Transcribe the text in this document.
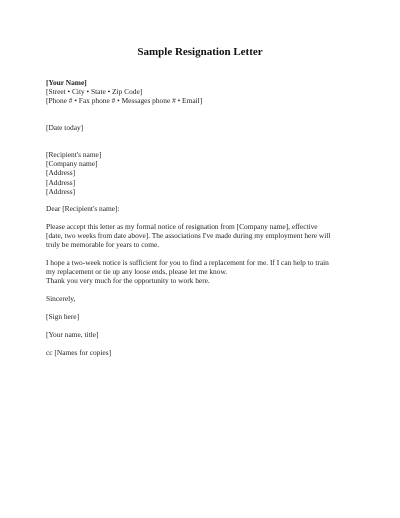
Sample Resignation Letter
[Your Name]
[Street • City • State • Zip Code]
[Phone # • Fax phone # • Messages phone # • Email]
[Date today]
[Recipient's name]
[Company name]
[Address]
[Address]
[Address]
Dear [Recipient's name]:
Please accept this letter as my formal notice of resignation from [Company name], effective
[date, two weeks from date above]. The associations I've made during my employment here will
truly be memorable for years to come.
I hope a two-week notice is sufficient for you to find a replacement for me. If I can help to train
my replacement or tie up any loose ends, please let me know.
Thank you very much for the opportunity to work here.
Sincerely,
[Sign here]
[Your name, title]
cc [Names for copies]
